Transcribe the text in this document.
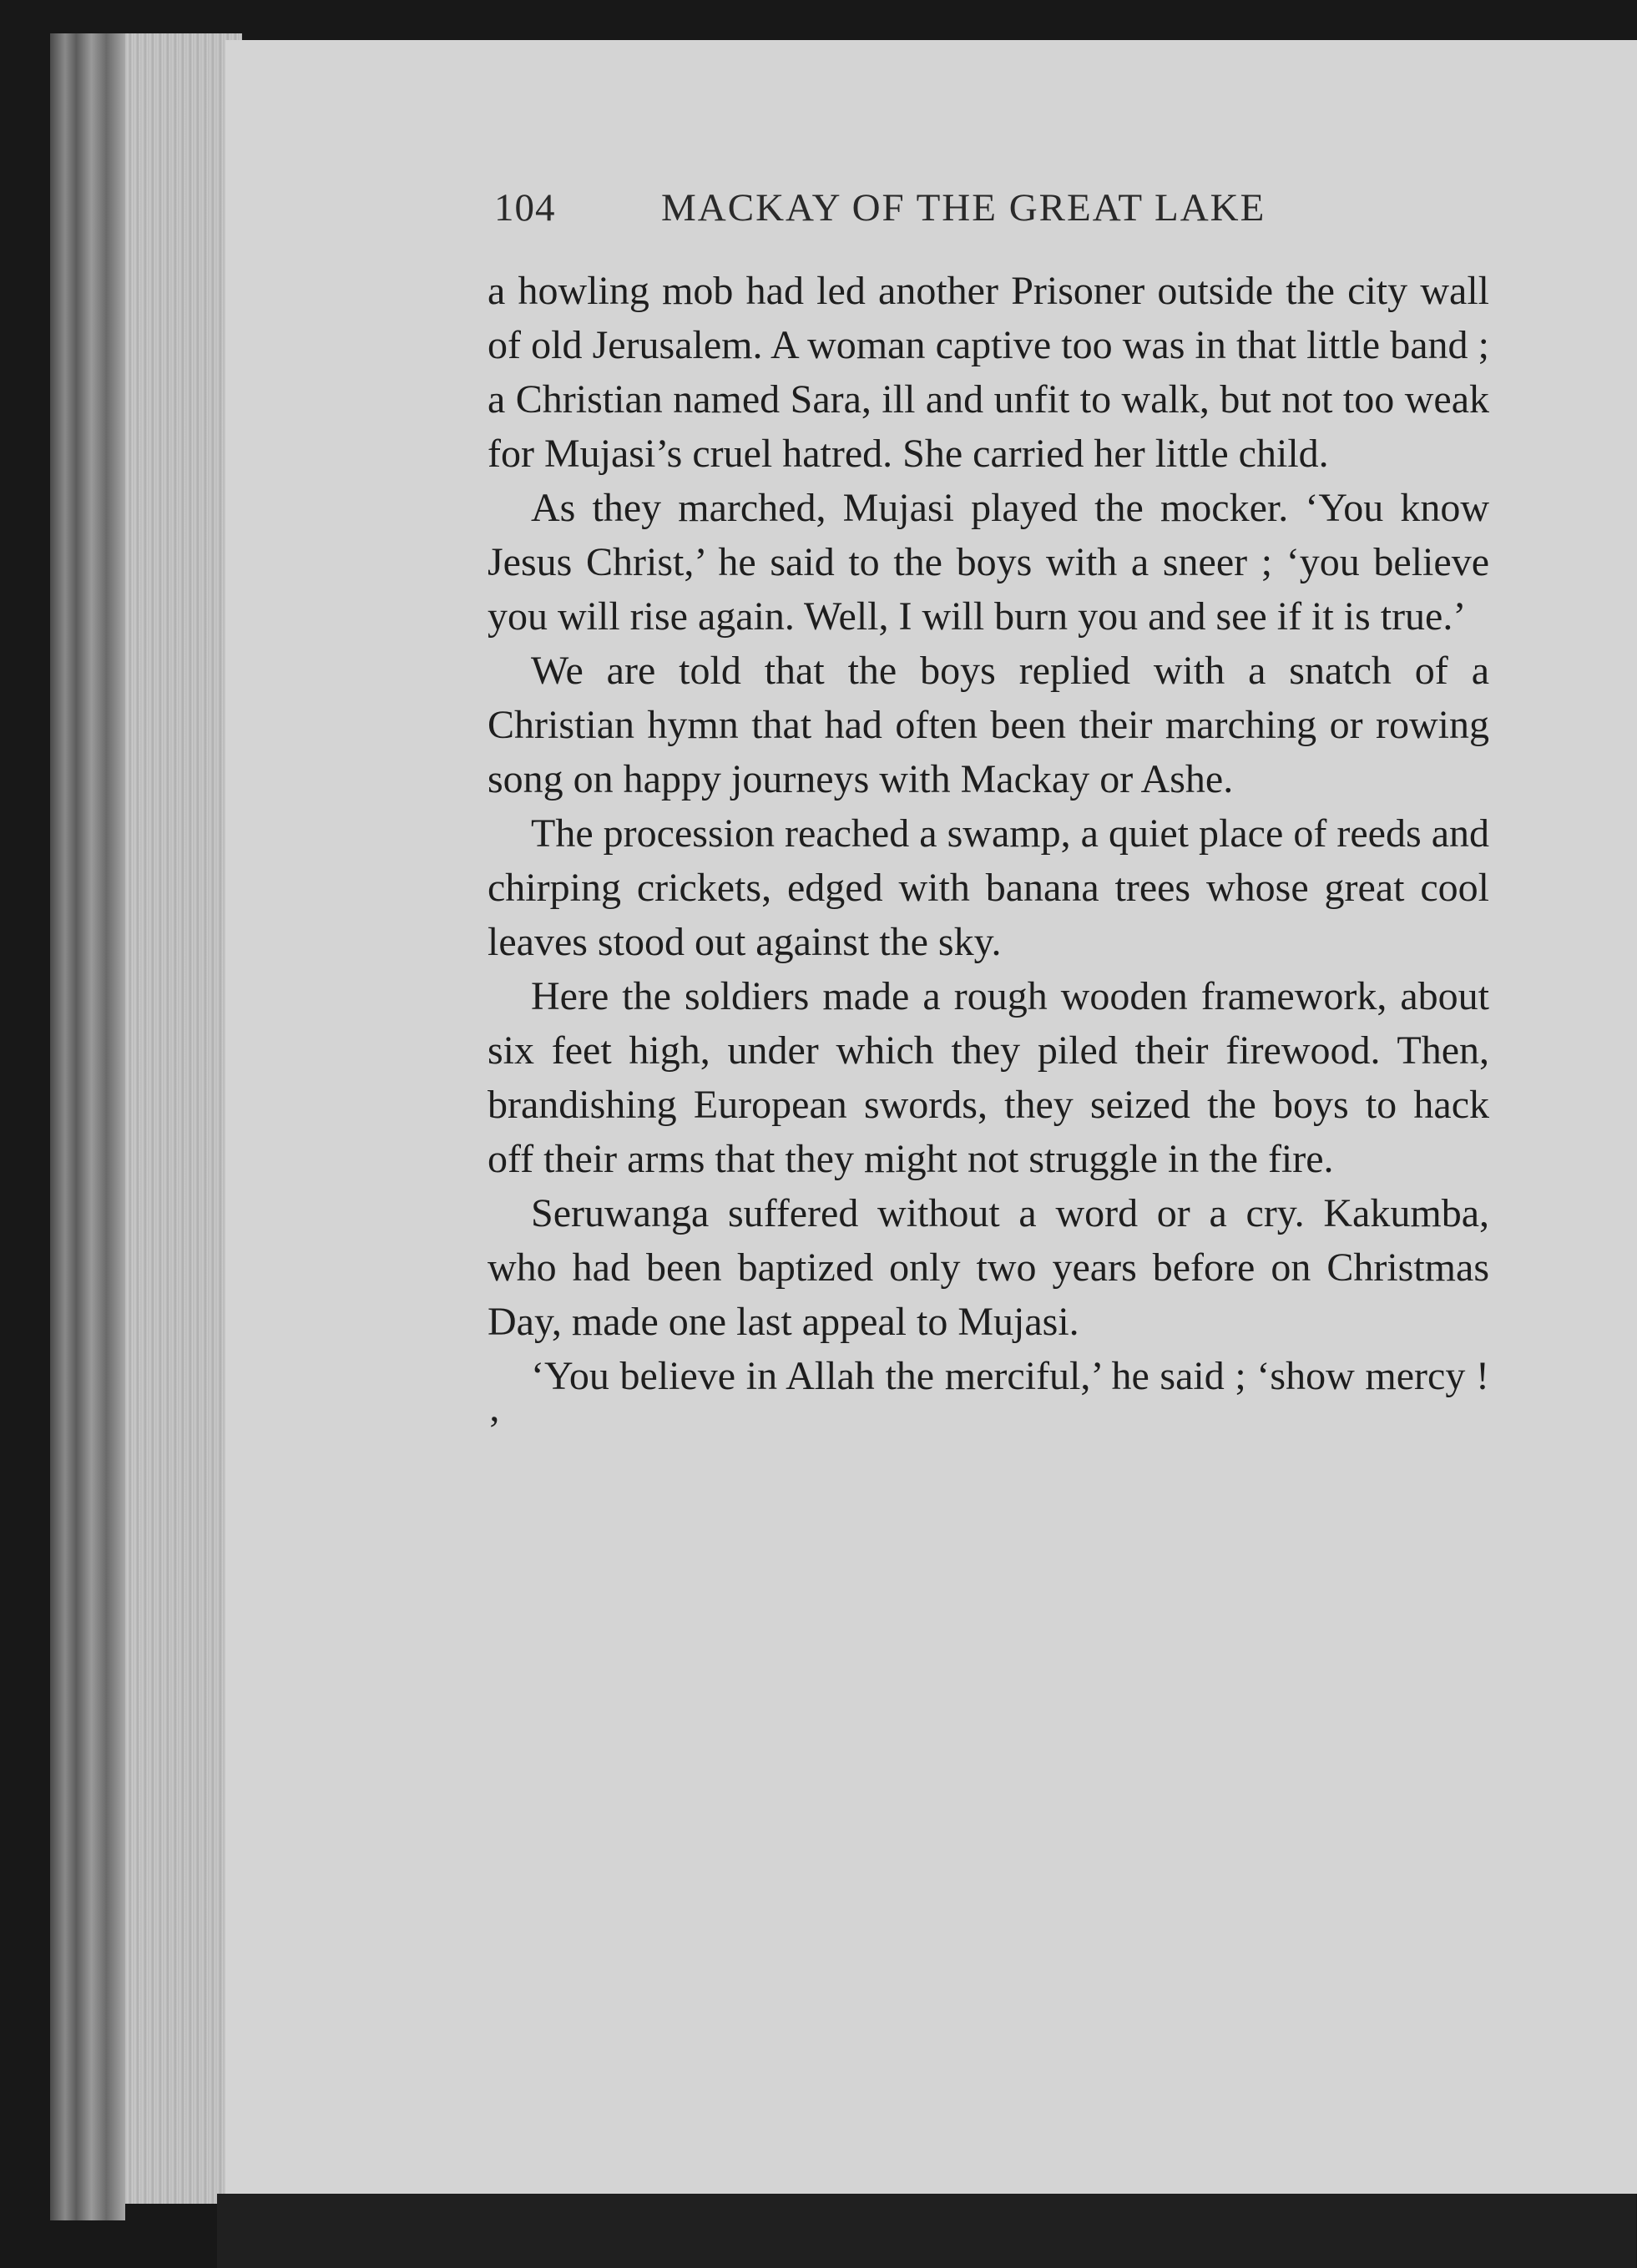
104	MACKAY OF THE GREAT LAKE

a howling mob had led another Prisoner outside the city wall of old Jerusalem. A woman captive too was in that little band ; a Christian named Sara, ill and unfit to walk, but not too weak for Mujasi’s cruel hatred. She carried her little child.

As they marched, Mujasi played the mocker. ‘You know Jesus Christ,’ he said to the boys with a sneer ; ‘you believe you will rise again. Well, I will burn you and see if it is true.’

We are told that the boys replied with a snatch of a Christian hymn that had often been their marching or rowing song on happy journeys with Mackay or Ashe.

The procession reached a swamp, a quiet place of reeds and chirping crickets, edged with banana trees whose great cool leaves stood out against the sky.

Here the soldiers made a rough wooden framework, about six feet high, under which they piled their firewood. Then, brandishing European swords, they seized the boys to hack off their arms that they might not struggle in the fire.

Seruwanga suffered without a word or a cry. Kakumba, who had been baptized only two years before on Christmas Day, made one last appeal to Mujasi.

‘You believe in Allah the merciful,’ he said ; ‘show mercy ! ’
